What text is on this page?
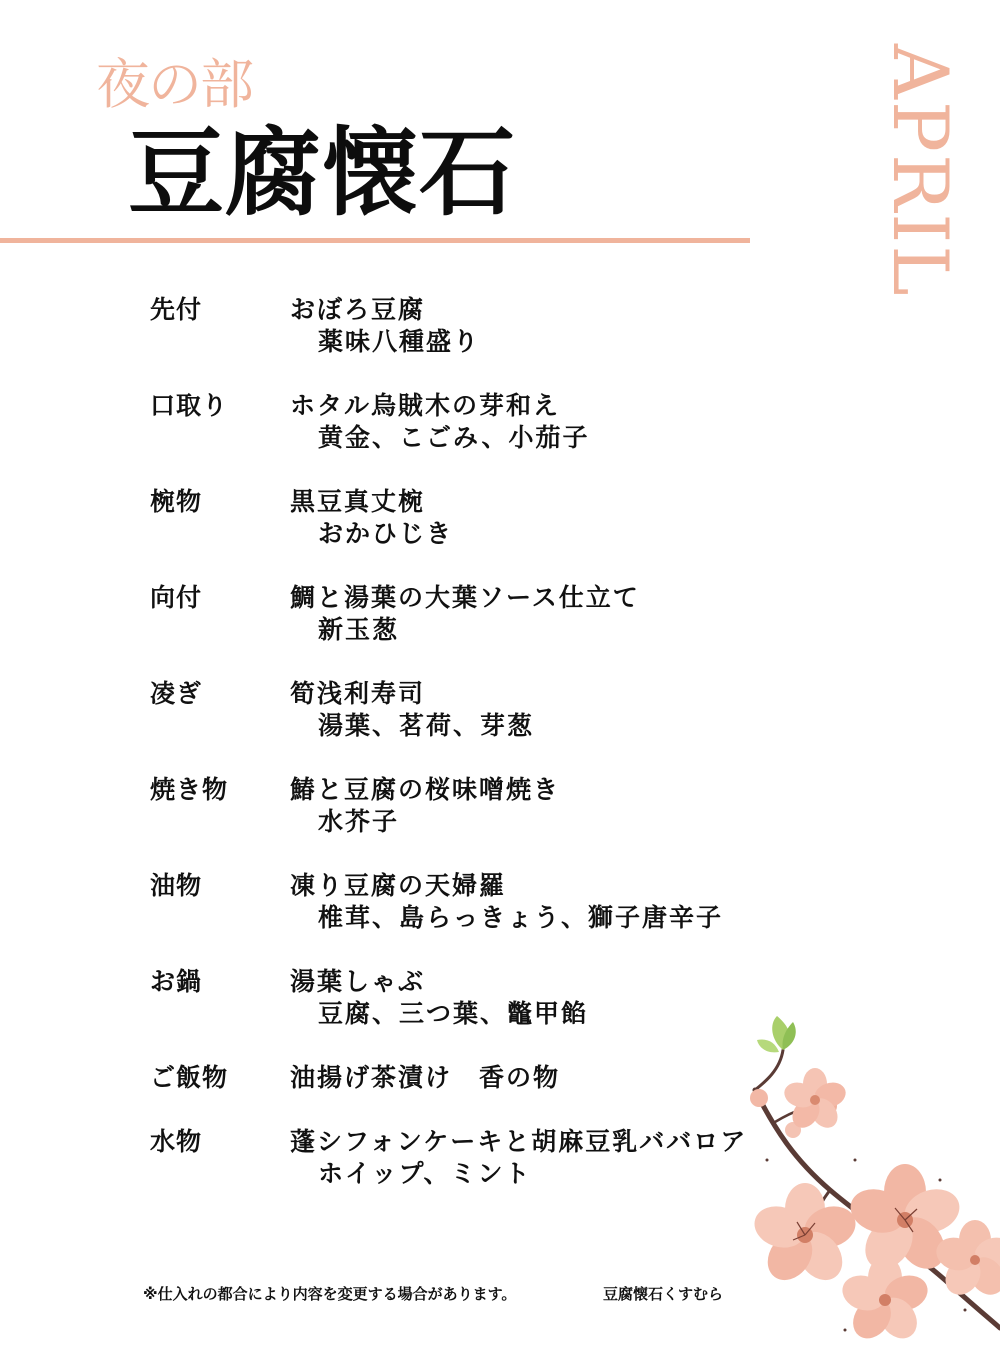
夜の部
豆腐懐石	APRIL
先付	おぼろ豆腐
薬味八種盛り
口取り	ホタル烏賊木の芽和え
黄金、こごみ、小茄子
椀物	黒豆真丈椀
おかひじき
向付	鯛と湯葉の大葉ソース仕立て
新玉葱
凌ぎ	筍浅利寿司
湯葉、茗荷、芽葱
焼き物	鰆と豆腐の桜味噌焼き
水芥子
油物	凍り豆腐の天婦羅
椎茸、島らっきょう、獅子唐辛子
お鍋	湯葉しゃぶ
豆腐、三つ葉、鼈甲餡
ご飯物	油揚げ茶漬け　香の物
水物	蓬シフォンケーキと胡麻豆乳ババロア
ホイップ、ミント
※仕入れの都合により内容を変更する場合があります。	豆腐懐石くすむら
